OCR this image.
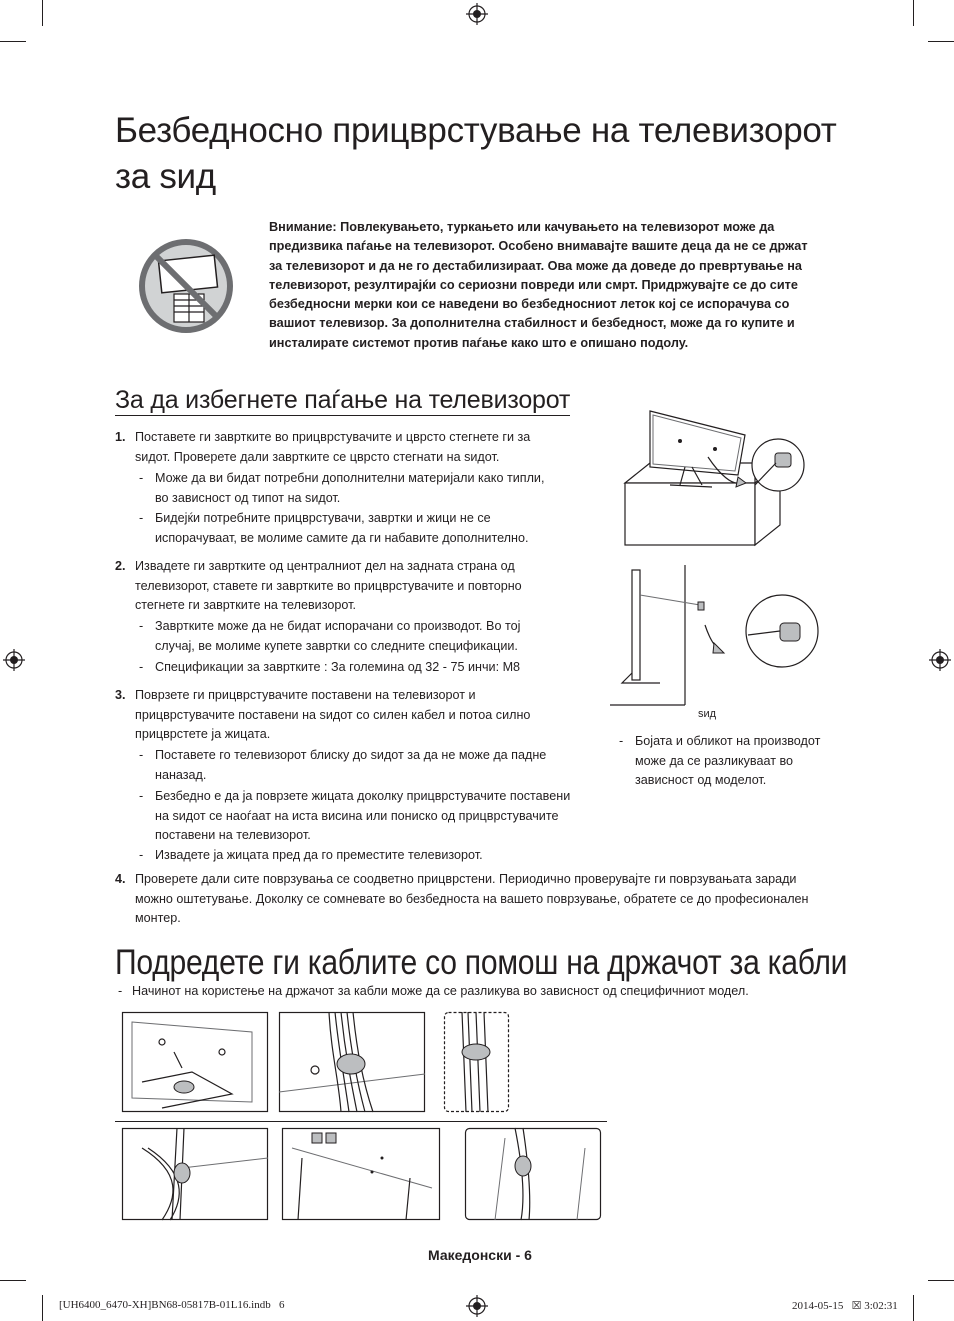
Безбедносно прицврстување на телевизорот
за ѕид
Внимание: Повлекувањето, туркањето или качувањето на телевизорот може да
предизвика паѓање на телевизорот. Особено внимавајте вашите деца да не се држат
за телевизорот и да не го дестабилизираат. Ова може да доведе до превртување на
телевизорот, резултирајќи со сериозни повреди или смрт. Придржувајте се до сите
безбедносни мерки кои се наведени во безбедносниот леток кој се испорачува со
вашиот телевизор. За дополнителна стабилност и безбедност, може да го купите и
инсталирате системот против паѓање како што е опишано подолу.
За да избегнете паѓање на телевизорот
1. Поставете ги завртките во прицврстувачите и цврсто стегнете ги за
ѕидот. Проверете дали завртките се цврсто стегнати на ѕидот.
- Може да ви бидат потребни дополнителни материјали како типли,
во зависност од типот на ѕидот.
- Бидејќи потребните прицврстувачи, завртки и жици не се
испорачуваат, ве молиме самите да ги набавите дополнително.
2. Извадете ги завртките од централниот дел на задната страна од
телевизорот, ставете ги завртките во прицврстувачите и повторно
стегнете ги завртките на телевизорот.
- Завртките може да не бидат испорачани со производот. Во тој
случај, ве молиме купете завртки со следните спецификации.
- Спецификации за завртките : За големина од 32 - 75 инчи: M8
3. Поврзете ги прицврстувачите поставени на телевизорот и
прицврстувачите поставени на ѕидот со силен кабел и потоа силно
прицврстете ја жицата.
- Поставете го телевизорот блиску до ѕидот за да не може да падне
наназад.
- Безбедно е да ја поврзете жицата доколку прицврстувачите поставени
на ѕидот се наоѓаат на иста висина или пониско од прицврстувачите
поставени на телевизорот.
- Извадете ја жицата пред да го преместите телевизорот.
4. Проверете дали сите поврзувања се соодветно прицврстени. Периодично проверувајте ги поврзувањата заради
можно оштетување. Доколку се сомневате во безбедноста на вашето поврзување, обратете се до професионален
монтер.
ѕид
- Бојата и обликот на производот
може да се разликуваат во
зависност од моделот.
Подредете ги каблите со помош на држачот за кабли
- Начинот на користење на држачот за кабли може да се разликува во зависност од специфичниот модел.
Македонски - 6
[UH6400_6470-XH]BN68-05817B-01L16.indb   6	2014-05-15   ☒ 3:02:31
